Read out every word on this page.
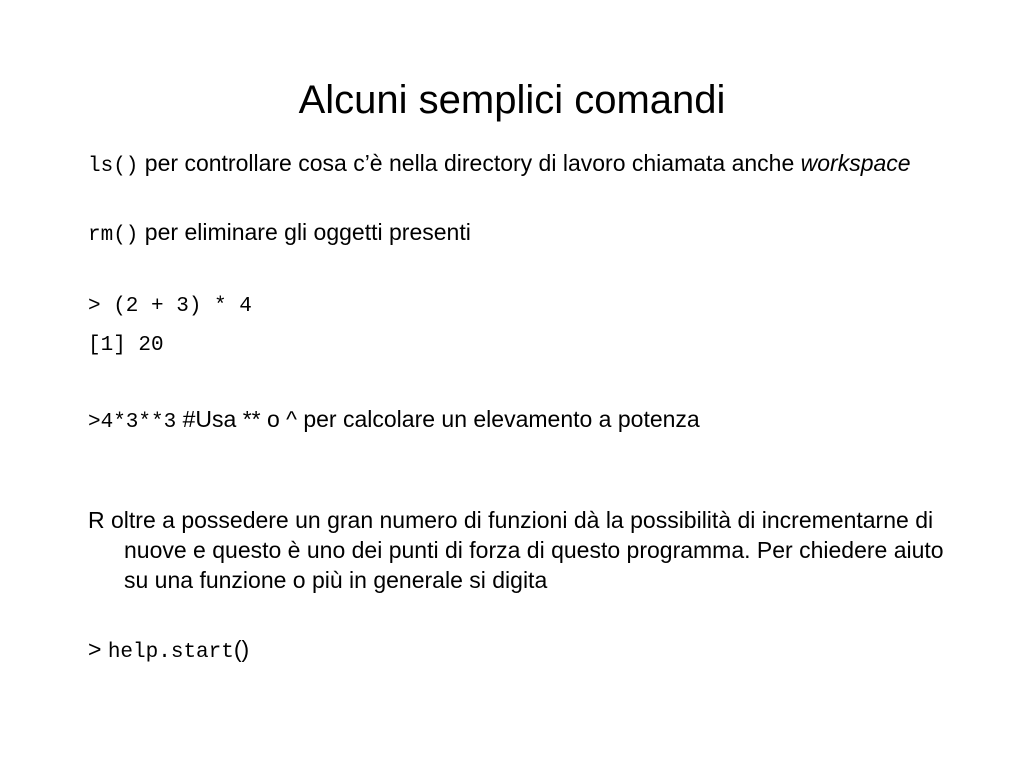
Alcuni semplici comandi

ls() per controllare cosa c’è nella directory di lavoro chiamata anche workspace

rm() per eliminare gli oggetti presenti

> (2 + 3) * 4
[1] 20

>4*3**3 #Usa ** o ^ per calcolare un elevamento a potenza

R oltre a possedere un gran numero di funzioni dà la possibilità di incrementarne di nuove e questo è uno dei punti di forza di questo programma. Per chiedere aiuto su una funzione o più in generale si digita

> help.start()
